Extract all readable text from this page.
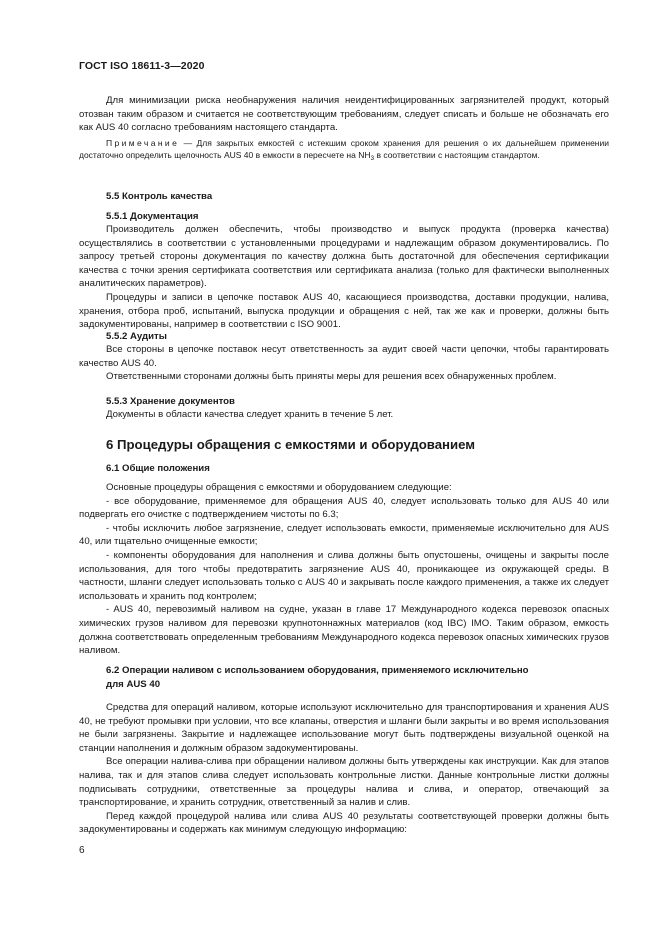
ГОСТ ISO 18611-3—2020

Для минимизации риска необнаружения наличия неидентифицированных загрязнителей продукт, который отозван таким образом и считается не соответствующим требованиям, следует списать и больше не обозначать его как AUS 40 согласно требованиям настоящего стандарта.

Примечание — Для закрытых емкостей с истекшим сроком хранения для решения о их дальнейшем применении достаточно определить щелочность AUS 40 в емкости в пересчете на $NH_3$ в соответствии с настоящим стандартом.

5.5 Контроль качества
5.5.1 Документация

Производитель должен обеспечить, чтобы производство и выпуск продукта (проверка качества) осуществлялись в соответствии с установленными процедурами и надлежащим образом документировались. По запросу третьей стороны документация по качеству должна быть достаточной для обеспечения сертификации качества с точки зрения сертификата соответствия или сертификата анализа (только для фактически выполненных аналитических параметров).

Процедуры и записи в цепочке поставок AUS 40, касающиеся производства, доставки продукции, налива, хранения, отбора проб, испытаний, выпуска продукции и обращения с ней, так же как и проверки, должны быть задокументированы, например в соответствии с ISO 9001.

5.5.2 Аудиты

Все стороны в цепочке поставок несут ответственность за аудит своей части цепочки, чтобы гарантировать качество AUS 40.

Ответственными сторонами должны быть приняты меры для решения всех обнаруженных проблем.

5.5.3 Хранение документов

Документы в области качества следует хранить в течение 5 лет.

6 Процедуры обращения с емкостями и оборудованием
6.1 Общие положения

Основные процедуры обращения с емкостями и оборудованием следующие:

- все оборудование, применяемое для обращения AUS 40, следует использовать только для AUS 40 или подвергать его очистке с подтверждением чистоты по 6.3;

- чтобы исключить любое загрязнение, следует использовать емкости, применяемые исключительно для AUS 40, или тщательно очищенные емкости;

- компоненты оборудования для наполнения и слива должны быть опустошены, очищены и закрыты после использования, для того чтобы предотвратить загрязнение AUS 40, проникающее из окружающей среды. В частности, шланги следует использовать только с AUS 40 и закрывать после каждого применения, а также их следует использовать и хранить под контролем;

- AUS 40, перевозимый наливом на судне, указан в главе 17 Международного кодекса перевозок опасных химических грузов наливом для перевозки крупнотоннажных материалов (код IBC) IMO. Таким образом, емкость должна соответствовать определенным требованиям Международного кодекса перевозок опасных химических грузов наливом.

6.2 Операции наливом с использованием оборудования, применяемого исключительно
для AUS 40

Средства для операций наливом, которые используют исключительно для транспортирования и хранения AUS 40, не требуют промывки при условии, что все клапаны, отверстия и шланги были закрыты и во время использования не были загрязнены. Закрытие и надлежащее использование могут быть подтверждены визуальной оценкой на станции наполнения и должным образом задокументированы.

Все операции налива-слива при обращении наливом должны быть утверждены как инструкции. Как для этапов налива, так и для этапов слива следует использовать контрольные листки. Данные контрольные листки должны подписывать сотрудники, ответственные за процедуры налива и слива, и оператор, отвечающий за транспортирование, и хранить сотрудник, ответственный за налив и слив.

Перед каждой процедурой налива или слива AUS 40 результаты соответствующей проверки должны быть задокументированы и содержать как минимум следующую информацию:

6
